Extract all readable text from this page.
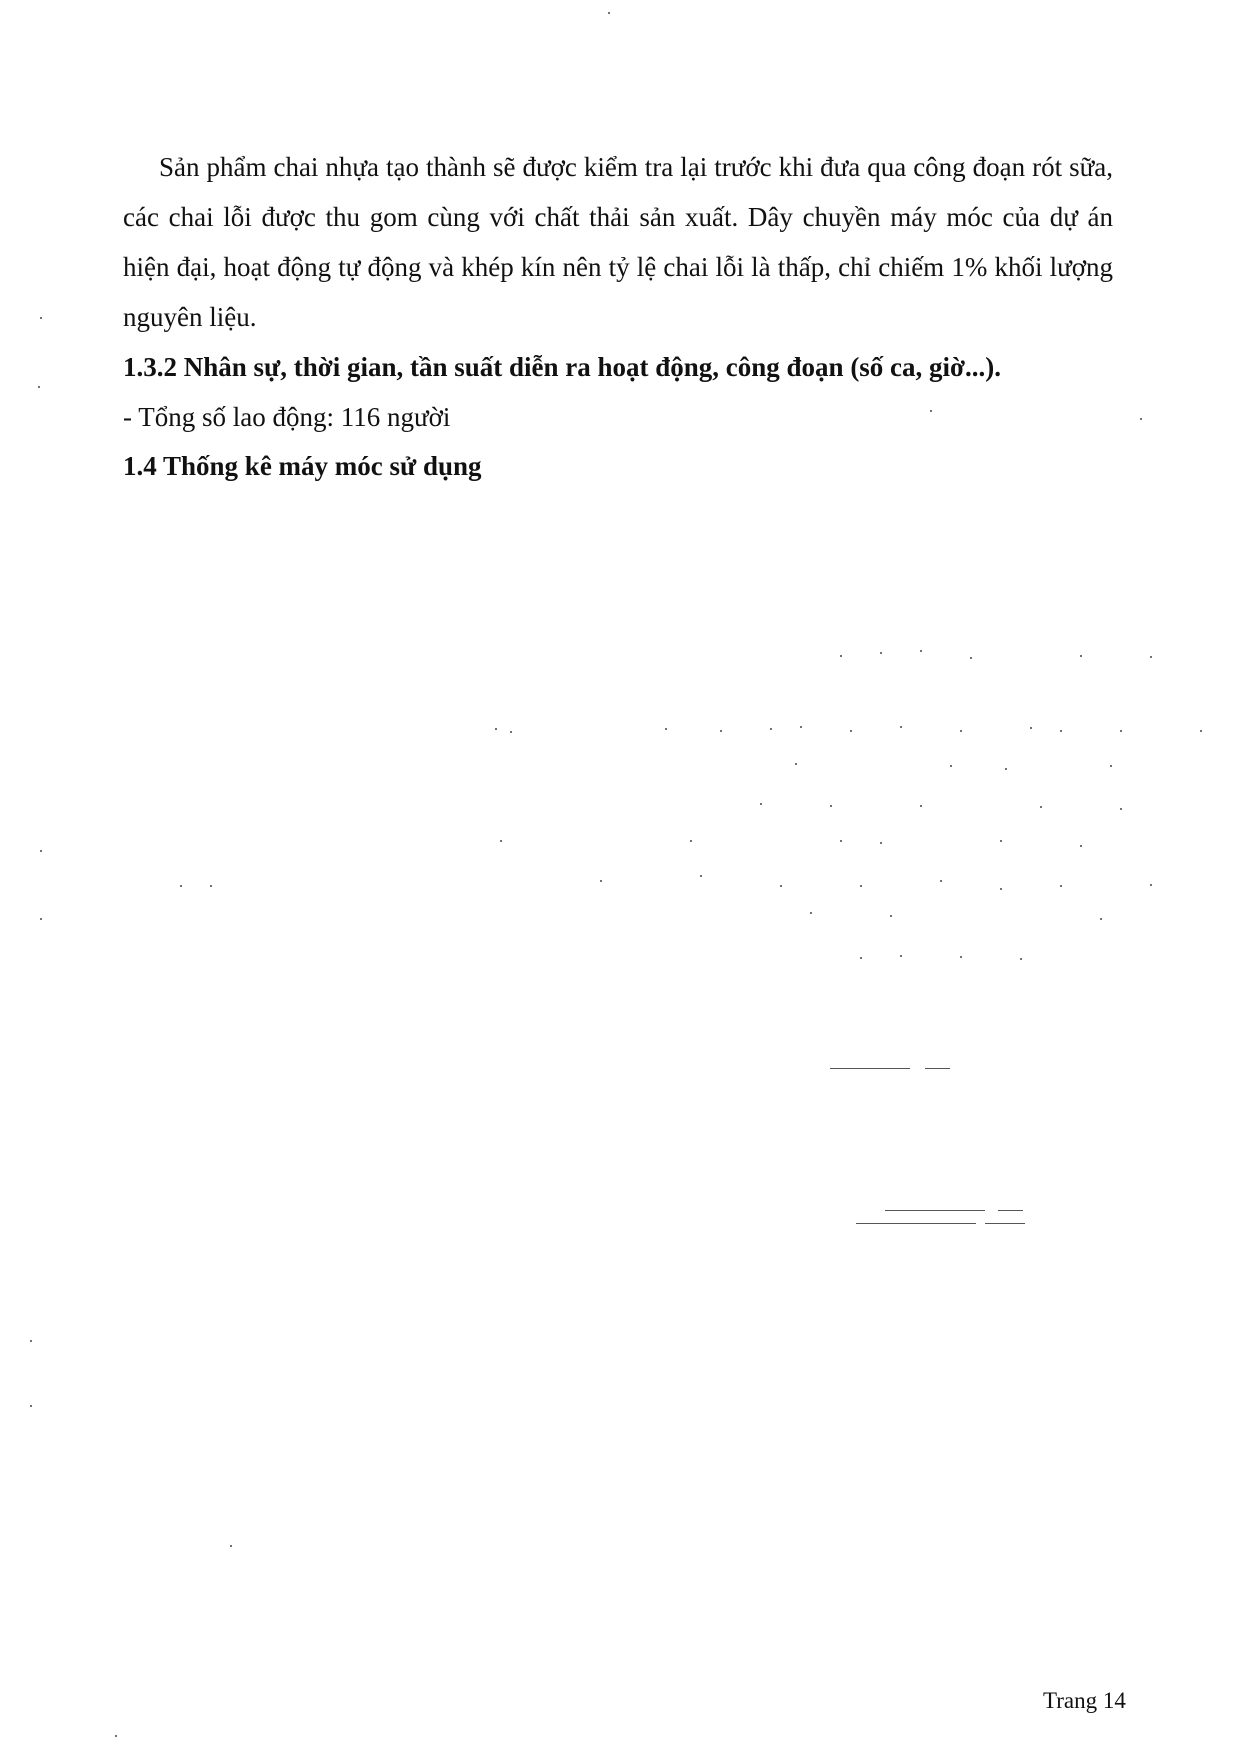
Sản phẩm chai nhựa tạo thành sẽ được kiểm tra lại trước khi đưa qua công đoạn rót sữa, các chai lỗi được thu gom cùng với chất thải sản xuất. Dây chuyền máy móc của dự án hiện đại, hoạt động tự động và khép kín nên tỷ lệ chai lỗi là thấp, chỉ chiếm 1% khối lượng nguyên liệu.

1.3.2 Nhân sự, thời gian, tần suất diễn ra hoạt động, công đoạn (số ca, giờ...).
- Tổng số lao động: 116 người
1.4 Thống kê máy móc sử dụng
Trang 14
